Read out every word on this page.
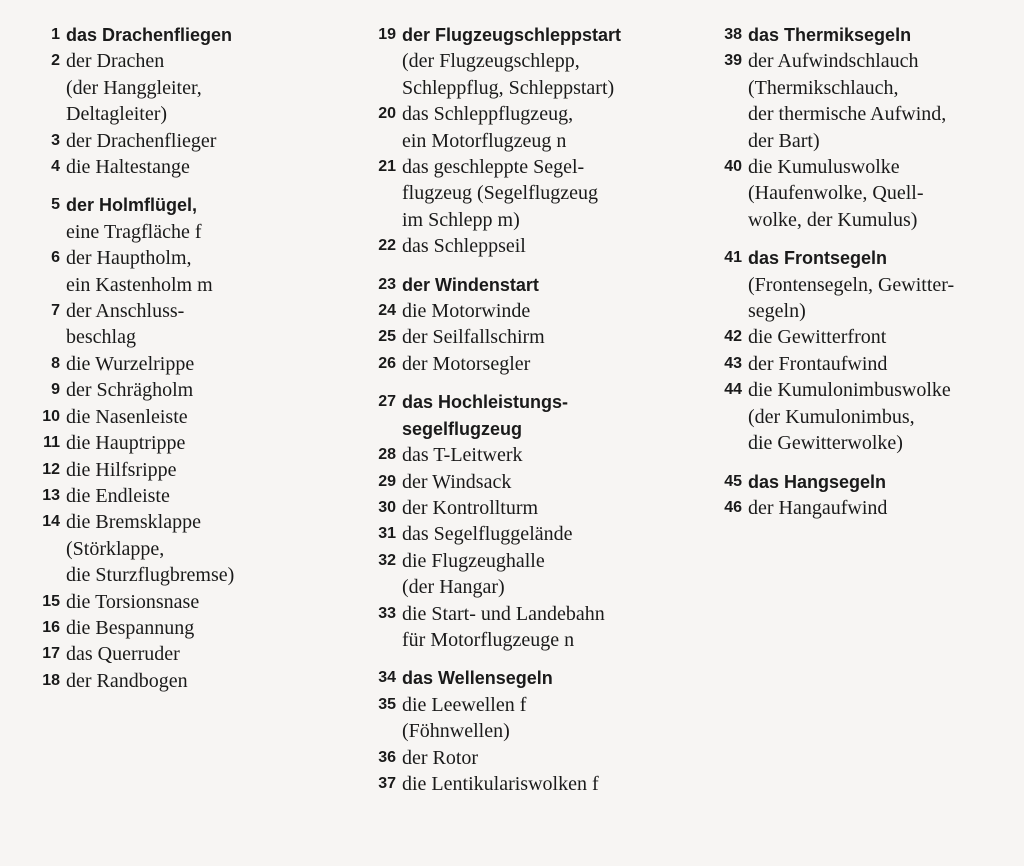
1 das Drachenfliegen
2 der Drachen
(der Hanggleiter,
Deltagleiter)
3 der Drachenflieger
4 die Haltestange
5 der Holmflügel,
eine Tragfläche f
6 der Hauptholm,
ein Kastenholm m
7 der Anschluss-
beschlag
8 die Wurzelrippe
9 der Schrägholm
10 die Nasenleiste
11 die Hauptrippe
12 die Hilfsrippe
13 die Endleiste
14 die Bremsklappe
(Störklappe,
die Sturzflugbremse)
15 die Torsionsnase
16 die Bespannung
17 das Querruder
18 der Randbogen
19 der Flugzeugschleppstart
(der Flugzeugschlepp,
Schleppflug, Schleppstart)
20 das Schleppflugzeug,
ein Motorflugzeug n
21 das geschleppte Segel-
flugzeug (Segelflugzeug
im Schlepp m)
22 das Schleppseil
23 der Windenstart
24 die Motorwinde
25 der Seilfallschirm
26 der Motorsegler
27 das Hochleistungs-
segelflugzeug
28 das T-Leitwerk
29 der Windsack
30 der Kontrollturm
31 das Segelfluggelände
32 die Flugzeughalle
(der Hangar)
33 die Start- und Landebahn
für Motorflugzeuge n
34 das Wellensegeln
35 die Leewellen f
(Föhnwellen)
36 der Rotor
37 die Lentikulariswolken f
38 das Thermiksegeln
39 der Aufwindschlauch
(Thermikschlauch,
der thermische Aufwind,
der Bart)
40 die Kumuluswolke
(Haufenwolke, Quell-
wolke, der Kumulus)
41 das Frontsegeln
(Frontensegeln, Gewitter-
segeln)
42 die Gewitterfront
43 der Frontaufwind
44 die Kumulonimbuswolke
(der Kumulonimbus,
die Gewitterwolke)
45 das Hangsegeln
46 der Hangaufwind
